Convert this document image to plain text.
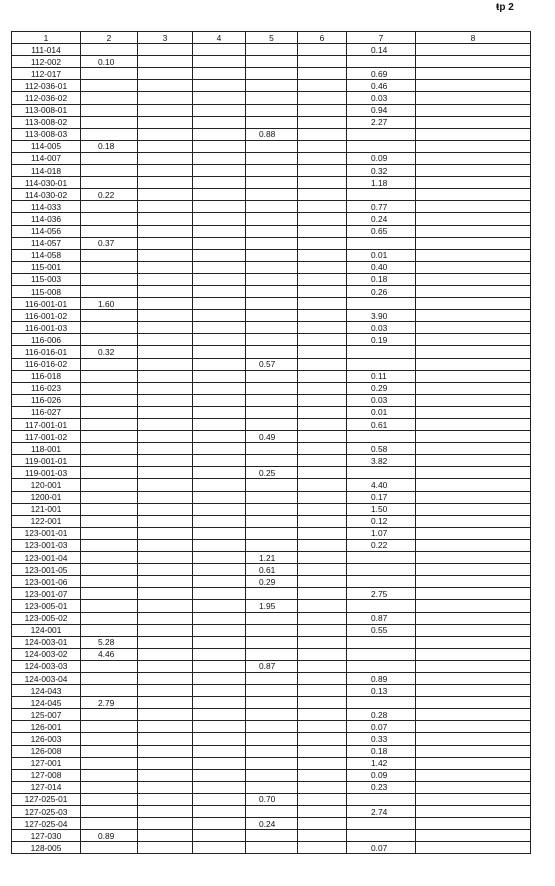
ŧp 2
1	2	3	4	5	6	7	8
111-014						0.14	
112-002	0.10						
112-017						0.69	
112-036-01						0.46	
112-036-02						0.03	
113-008-01						0.94	
113-008-02						2.27	
113-008-03				0.88			
114-005	0.18						
114-007						0.09	
114-018						0.32	
114-030-01						1.18	
114-030-02	0.22						
114-033						0.77	
114-036						0.24	
114-056						0.65	
114-057	0.37						
114-058						0.01	
115-001						0.40	
115-003						0.18	
115-008						0.26	
116-001-01	1.60						
116-001-02						3.90	
116-001-03						0.03	
116-006						0.19	
116-016-01	0.32						
116-016-02				0.57			
116-018						0.11	
116-023						0.29	
116-026						0.03	
116-027						0.01	
117-001-01						0.61	
117-001-02				0.49			
118-001						0.58	
119-001-01						3.82	
119-001-03				0.25			
120-001						4.40	
1200-01						0.17	
121-001						1.50	
122-001						0.12	
123-001-01						1.07	
123-001-03						0.22	
123-001-04				1.21			
123-001-05				0.61			
123-001-06				0.29			
123-001-07						2.75	
123-005-01				1.95			
123-005-02						0.87	
124-001						0.55	
124-003-01	5.28						
124-003-02	4.46						
124-003-03				0.87			
124-003-04						0.89	
124-043						0.13	
124-045	2.79						
125-007						0.28	
126-001						0.07	
126-003						0.33	
126-008						0.18	
127-001						1.42	
127-008						0.09	
127-014						0.23	
127-025-01				0.70			
127-025-03						2.74	
127-025-04				0.24			
127-030	0.89						
128-005						0.07	
